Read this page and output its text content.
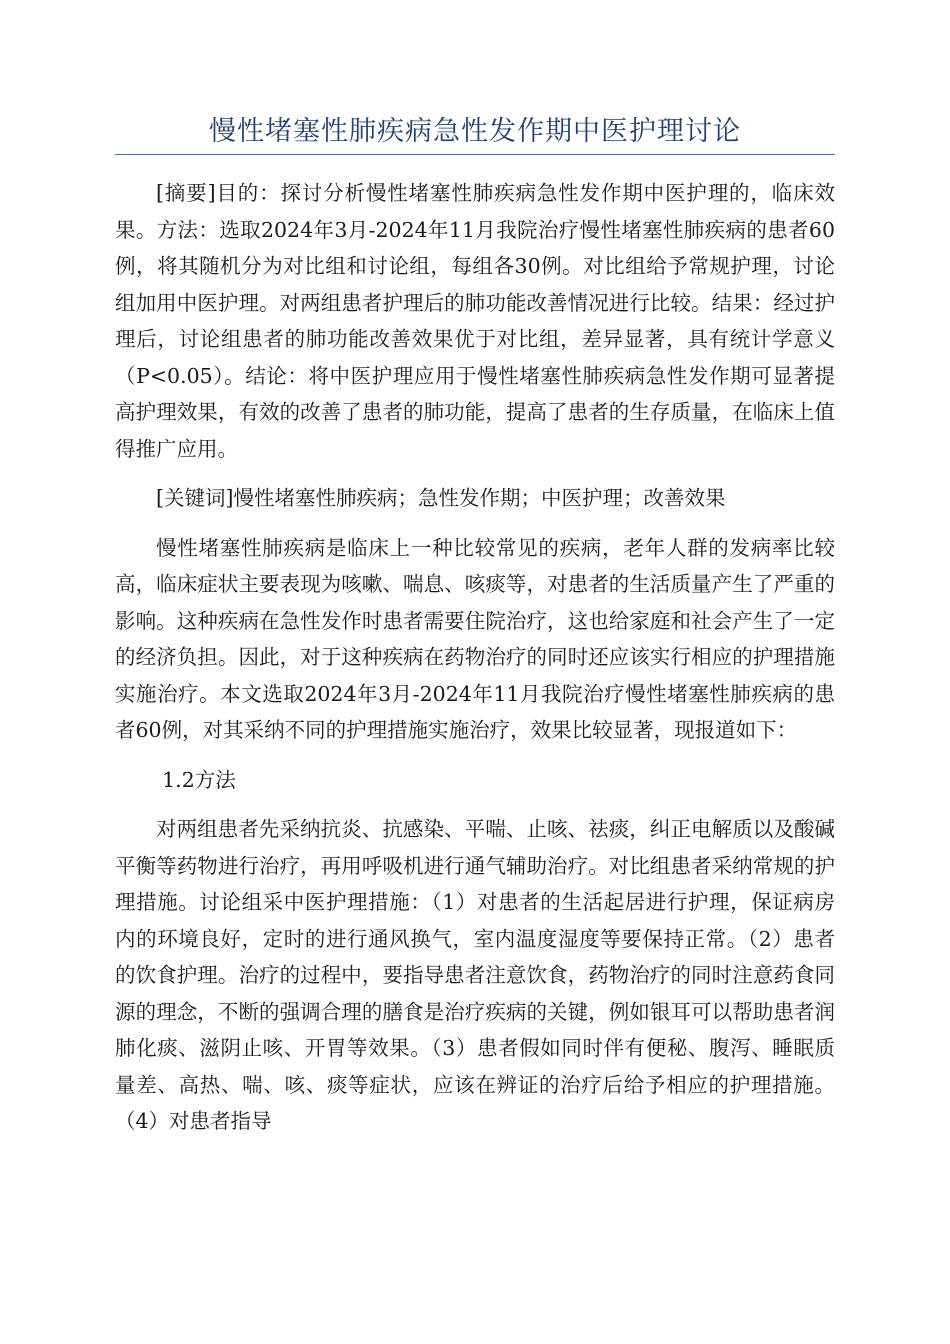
慢性堵塞性肺疾病急性发作期中医护理讨论

[摘要]目的：探讨分析慢性堵塞性肺疾病急性发作期中医护理的，临床效果。方法：选取2024年3月-2024年11月我院治疗慢性堵塞性肺疾病的患者60例，将其随机分为对比组和讨论组，每组各30例。对比组给予常规护理，讨论组加用中医护理。对两组患者护理后的肺功能改善情况进行比较。结果：经过护理后，讨论组患者的肺功能改善效果优于对比组，差异显著，具有统计学意义（P<0.05）。结论：将中医护理应用于慢性堵塞性肺疾病急性发作期可显著提高护理效果，有效的改善了患者的肺功能，提高了患者的生存质量，在临床上值得推广应用。

[关键词]慢性堵塞性肺疾病；急性发作期；中医护理；改善效果

慢性堵塞性肺疾病是临床上一种比较常见的疾病，老年人群的发病率比较高，临床症状主要表现为咳嗽、喘息、咳痰等，对患者的生活质量产生了严重的影响。这种疾病在急性发作时患者需要住院治疗，这也给家庭和社会产生了一定的经济负担。因此，对于这种疾病在药物治疗的同时还应该实行相应的护理措施实施治疗。本文选取2024年3月-2024年11月我院治疗慢性堵塞性肺疾病的患者60例，对其采纳不同的护理措施实施治疗，效果比较显著，现报道如下：

1.2方法

对两组患者先采纳抗炎、抗感染、平喘、止咳、祛痰，纠正电解质以及酸碱平衡等药物进行治疗，再用呼吸机进行通气辅助治疗。对比组患者采纳常规的护理措施。讨论组采中医护理措施：（1）对患者的生活起居进行护理，保证病房内的环境良好，定时的进行通风换气，室内温度湿度等要保持正常。（2）患者的饮食护理。治疗的过程中，要指导患者注意饮食，药物治疗的同时注意药食同源的理念，不断的强调合理的膳食是治疗疾病的关键，例如银耳可以帮助患者润肺化痰、滋阴止咳、开胃等效果。（3）患者假如同时伴有便秘、腹泻、睡眠质量差、高热、喘、咳、痰等症状，应该在辨证的治疗后给予相应的护理措施。（4）对患者指导
